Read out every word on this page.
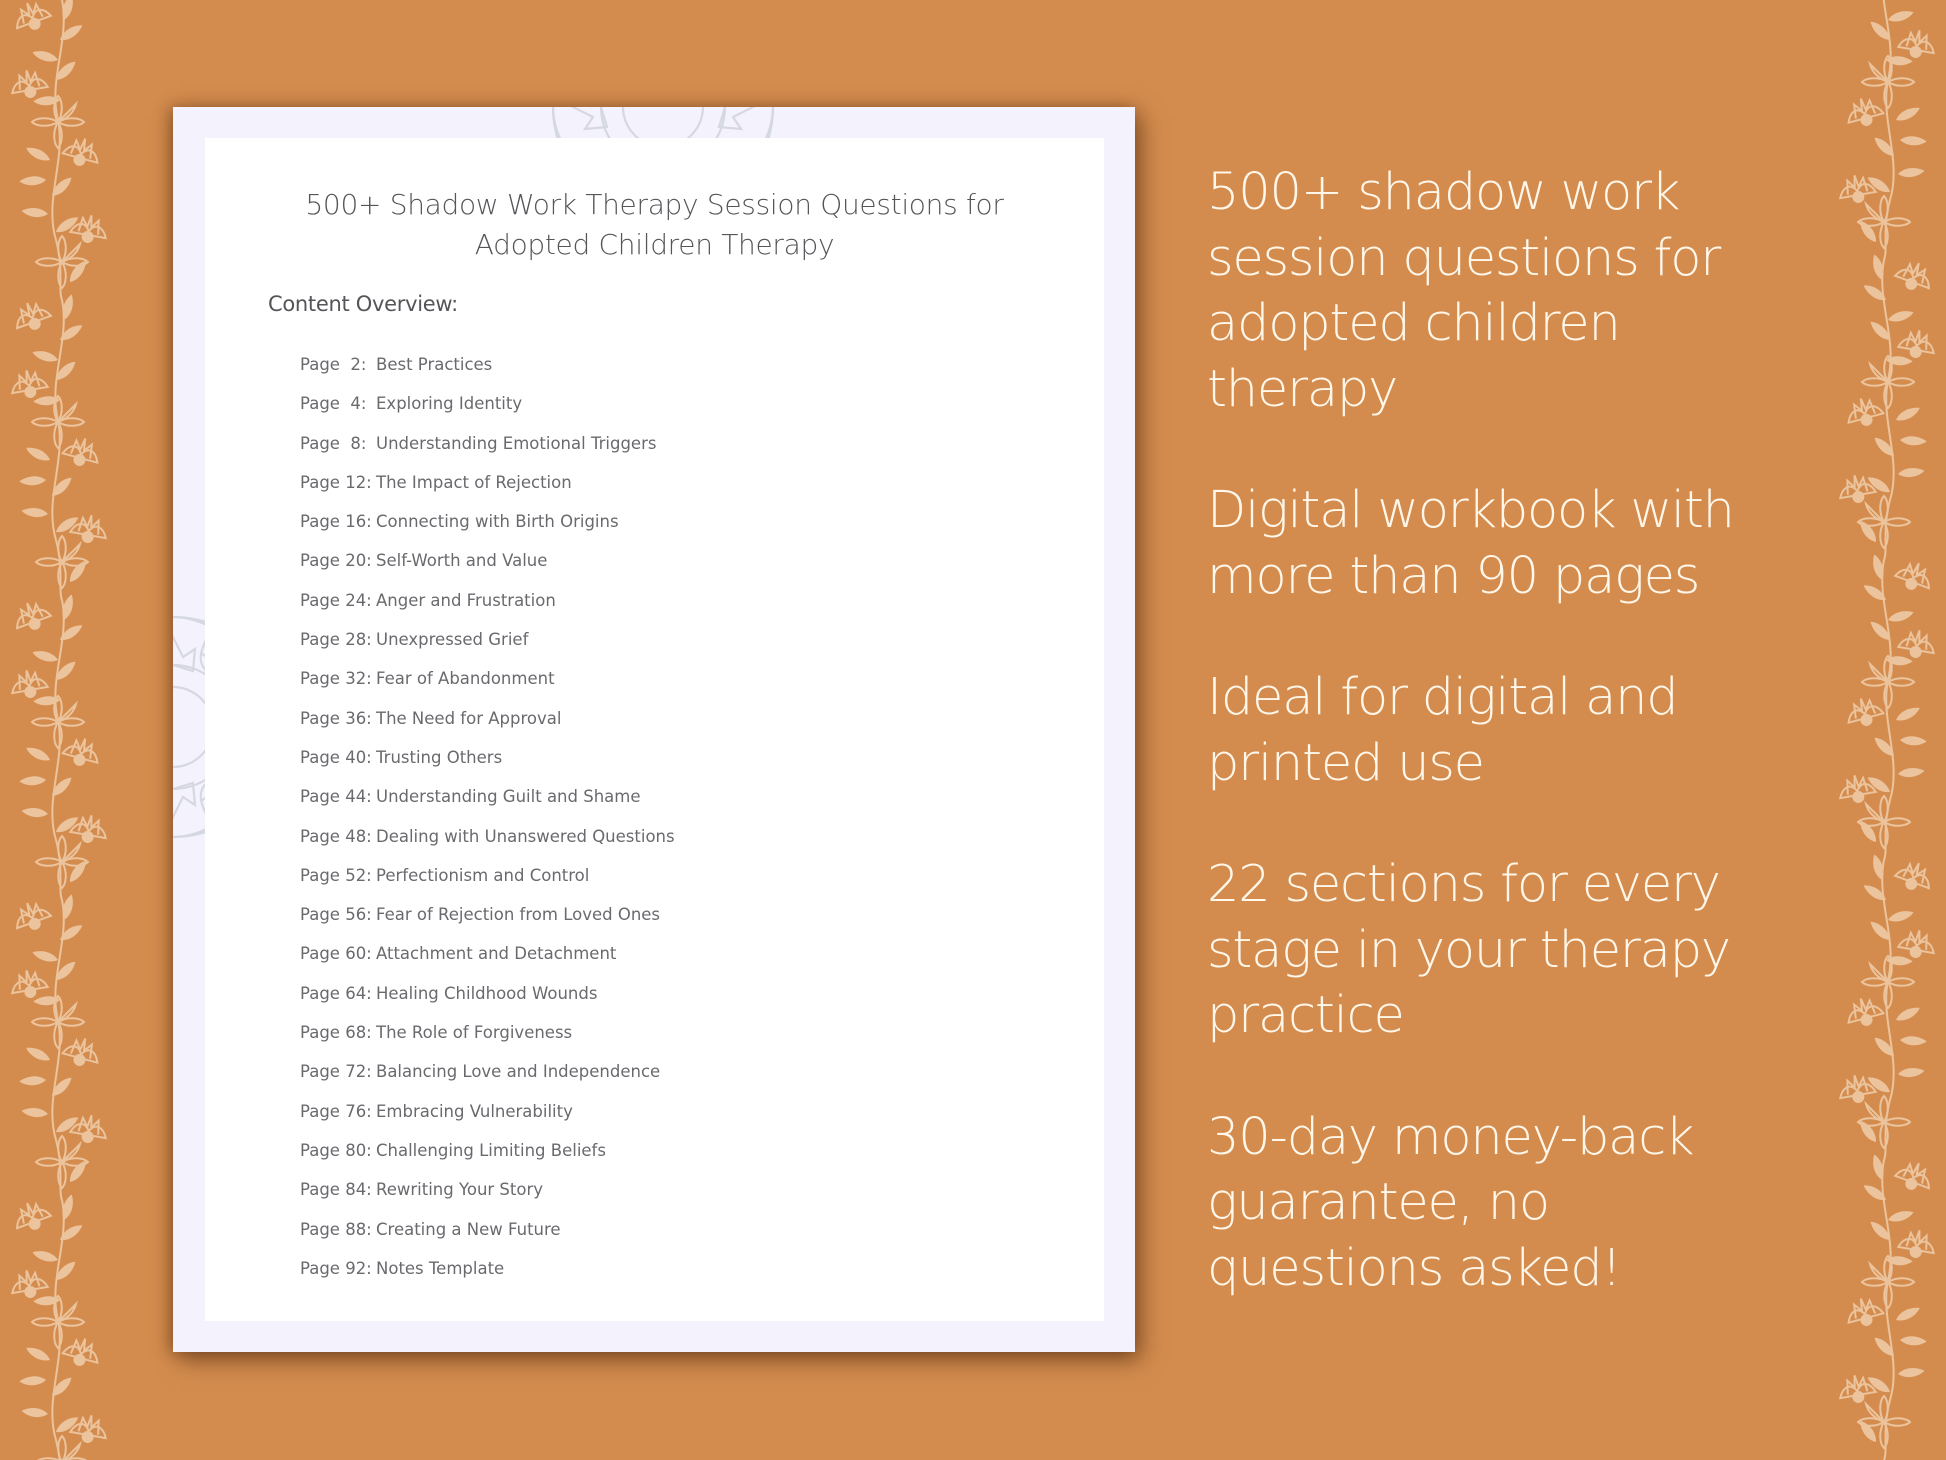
500+ Shadow Work Therapy Session Questions for
Adopted Children Therapy
Content Overview:
Page  2: Best Practices
Page  4: Exploring Identity
Page  8: Understanding Emotional Triggers
Page 12: The Impact of Rejection
Page 16: Connecting with Birth Origins
Page 20: Self-Worth and Value
Page 24: Anger and Frustration
Page 28: Unexpressed Grief
Page 32: Fear of Abandonment
Page 36: The Need for Approval
Page 40: Trusting Others
Page 44: Understanding Guilt and Shame
Page 48: Dealing with Unanswered Questions
Page 52: Perfectionism and Control
Page 56: Fear of Rejection from Loved Ones
Page 60: Attachment and Detachment
Page 64: Healing Childhood Wounds
Page 68: The Role of Forgiveness
Page 72: Balancing Love and Independence
Page 76: Embracing Vulnerability
Page 80: Challenging Limiting Beliefs
Page 84: Rewriting Your Story
Page 88: Creating a New Future
Page 92: Notes Template
500+ shadow work
session questions for
adopted children
therapy
Digital workbook with
more than 90 pages
Ideal for digital and
printed use
22 sections for every
stage in your therapy
practice
30-day money-back
guarantee, no
questions asked!
